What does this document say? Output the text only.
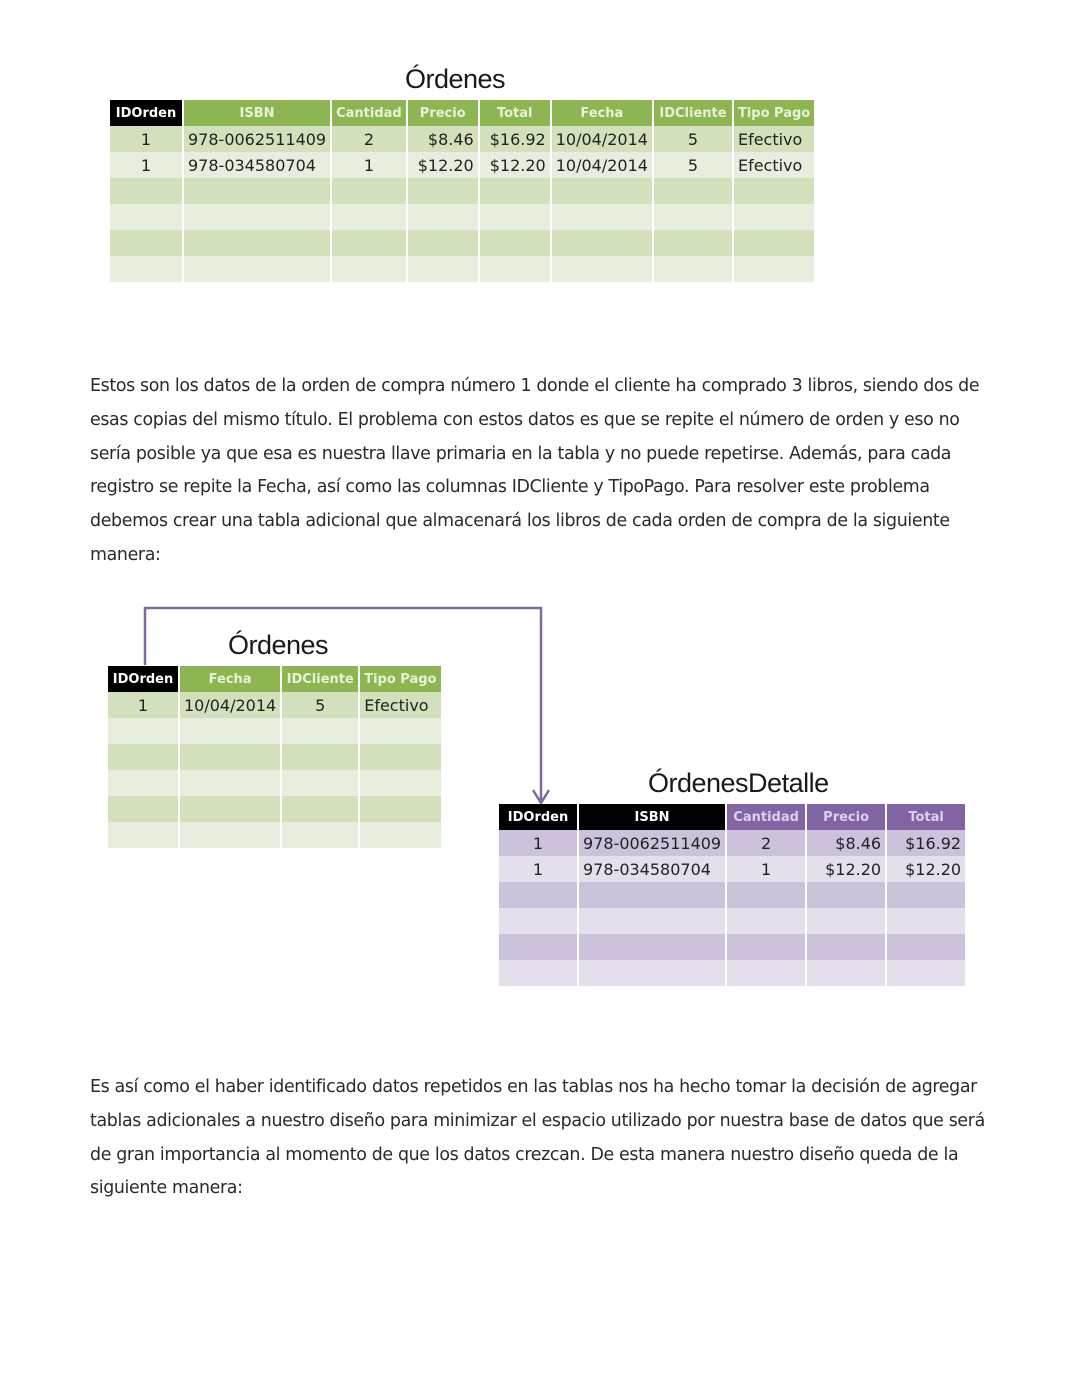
Órdenes
IDOrden	ISBN	Cantidad	Precio	Total	Fecha	IDCliente	Tipo Pago
1	978-0062511409	2	$8.46	$16.92	10/04/2014	5	Efectivo
1	978-034580704	1	$12.20	$12.20	10/04/2014	5	Efectivo

Estos son los datos de la orden de compra número 1 donde el cliente ha comprado 3 libros, siendo dos de esas copias del mismo título. El problema con estos datos es que se repite el número de orden y eso no sería posible ya que esa es nuestra llave primaria en la tabla y no puede repetirse. Además, para cada registro se repite la Fecha, así como las columnas IDCliente y TipoPago. Para resolver este problema debemos crear una tabla adicional que almacenará los libros de cada orden de compra de la siguiente manera:

Órdenes
IDOrden	Fecha	IDCliente	Tipo Pago
1	10/04/2014	5	Efectivo

ÓrdenesDetalle
IDOrden	ISBN	Cantidad	Precio	Total
1	978-0062511409	2	$8.46	$16.92
1	978-034580704	1	$12.20	$12.20

Es así como el haber identificado datos repetidos en las tablas nos ha hecho tomar la decisión de agregar tablas adicionales a nuestro diseño para minimizar el espacio utilizado por nuestra base de datos que será de gran importancia al momento de que los datos crezcan. De esta manera nuestro diseño queda de la siguiente manera:
